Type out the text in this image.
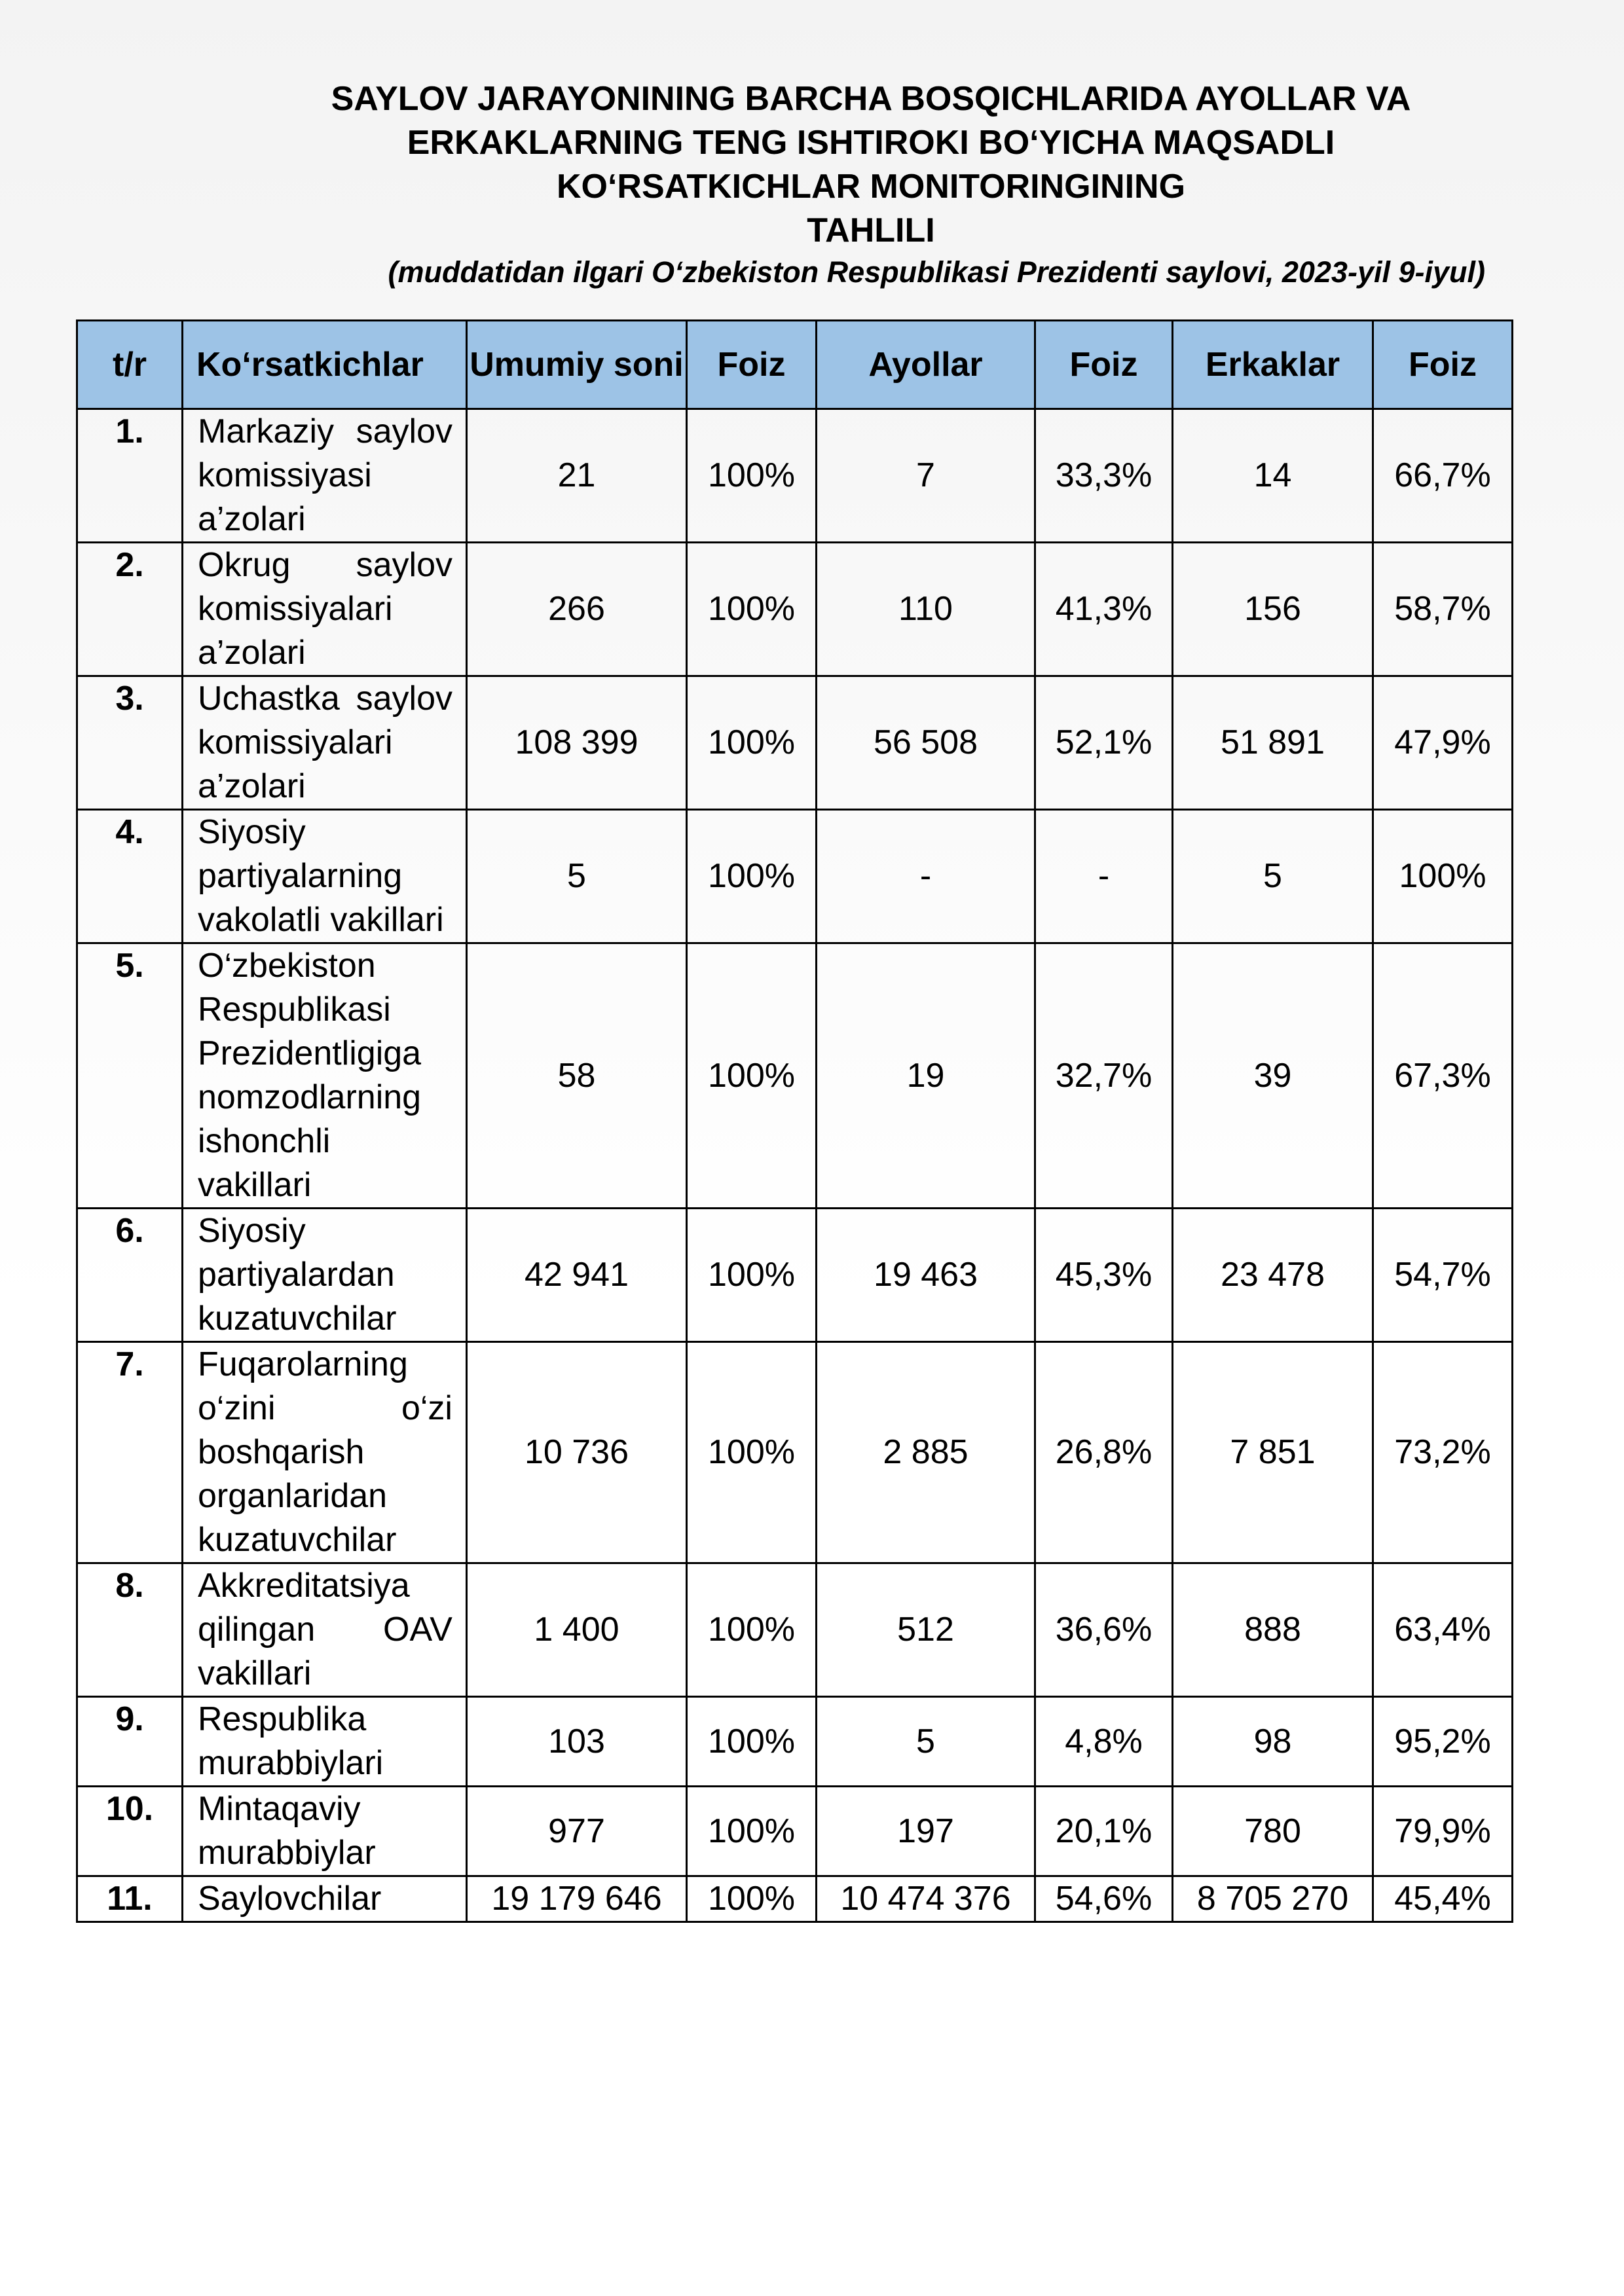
SAYLOV JARAYONINING BARCHA BOSQICHLARIDA AYOLLAR VA
ERKAKLARNING TENG ISHTIROKI BO‘YICHA MAQSADLI
KO‘RSATKICHLAR MONITORINGINING
TAHLILI
(muddatidan ilgari O‘zbekiston Respublikasi Prezidenti saylovi, 2023-yil 9-iyul)
t/r	Ko‘rsatkichlar	Umumiy soni	Foiz	Ayollar	Foiz	Erkaklar	Foiz
1.	Markaziy saylov komissiyasi a’zolari	21	100%	7	33,3%	14	66,7%
2.	Okrug saylov komissiyalari a’zolari	266	100%	110	41,3%	156	58,7%
3.	Uchastka saylov komissiyalari a’zolari	108 399	100%	56 508	52,1%	51 891	47,9%
4.	Siyosiy partiyalarning vakolatli vakillari	5	100%	-	-	5	100%
5.	O‘zbekiston Respublikasi Prezidentligiga nomzodlarning ishonchli vakillari	58	100%	19	32,7%	39	67,3%
6.	Siyosiy partiyalardan kuzatuvchilar	42 941	100%	19 463	45,3%	23 478	54,7%
7.	Fuqarolarning o‘zini o‘zi boshqarish organlaridan kuzatuvchilar	10 736	100%	2 885	26,8%	7 851	73,2%
8.	Akkreditatsiya qilingan OAV vakillari	1 400	100%	512	36,6%	888	63,4%
9.	Respublika murabbiylari	103	100%	5	4,8%	98	95,2%
10.	Mintaqaviy murabbiylar	977	100%	197	20,1%	780	79,9%
11.	Saylovchilar	19 179 646	100%	10 474 376	54,6%	8 705 270	45,4%
